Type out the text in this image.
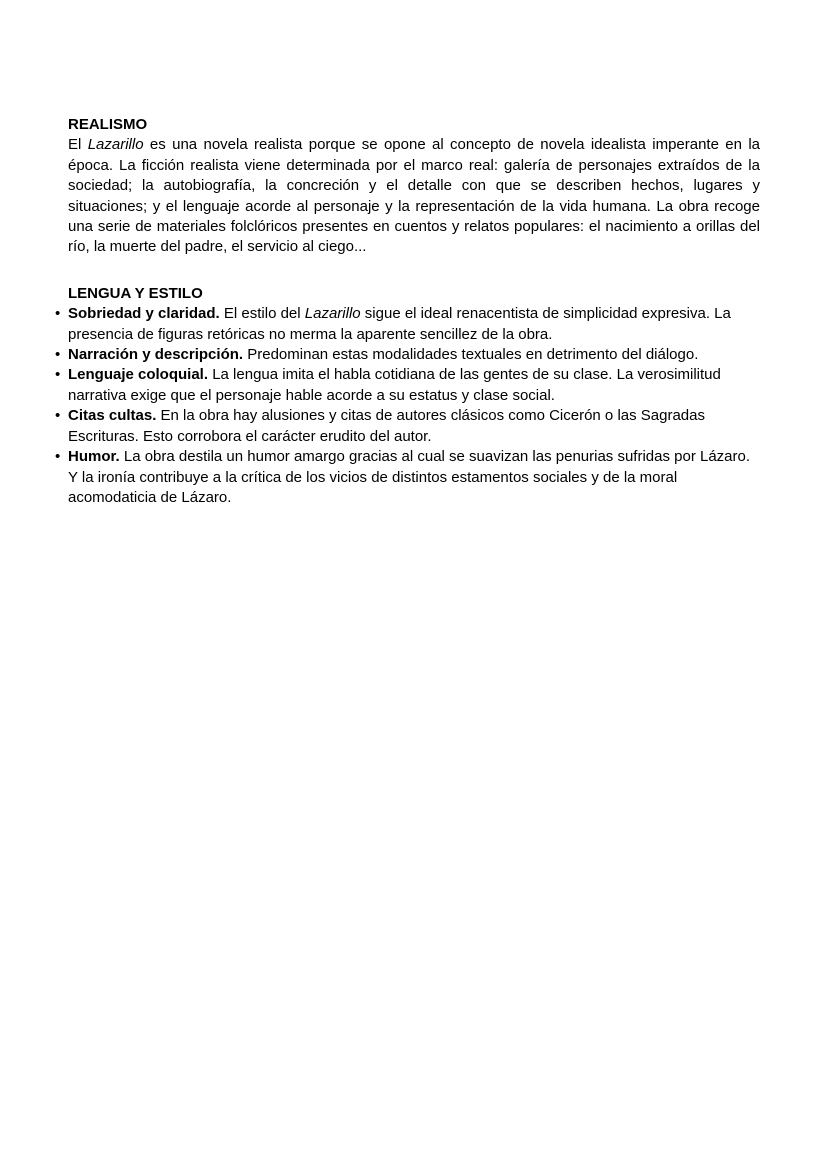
REALISMO

El Lazarillo es una novela realista porque se opone al concepto de novela idealista imperante en la época. La ficción realista viene determinada por el marco real: galería de personajes extraídos de la sociedad; la autobiografía, la concreción y el detalle con que se describen hechos, lugares y situaciones; y el lenguaje acorde al personaje y la representación de la vida humana. La obra recoge una serie de materiales folclóricos presentes en cuentos y relatos populares: el nacimiento a orillas del río, la muerte del padre, el servicio al ciego...

LENGUA Y ESTILO
• Sobriedad y claridad. El estilo del Lazarillo sigue el ideal renacentista de simplicidad expresiva. La presencia de figuras retóricas no merma la aparente sencillez de la obra.
• Narración y descripción. Predominan estas modalidades textuales en detrimento del diálogo.
• Lenguaje coloquial. La lengua imita el habla cotidiana de las gentes de su clase. La verosimilitud narrativa exige que el personaje hable acorde a su estatus y clase social.
• Citas cultas. En la obra hay alusiones y citas de autores clásicos como Cicerón o las Sagradas Escrituras. Esto corrobora el carácter erudito del autor.
• Humor. La obra destila un humor amargo gracias al cual se suavizan las penurias sufridas por Lázaro. Y la ironía contribuye a la crítica de los vicios de distintos estamentos sociales y de la moral acomodaticia de Lázaro.
